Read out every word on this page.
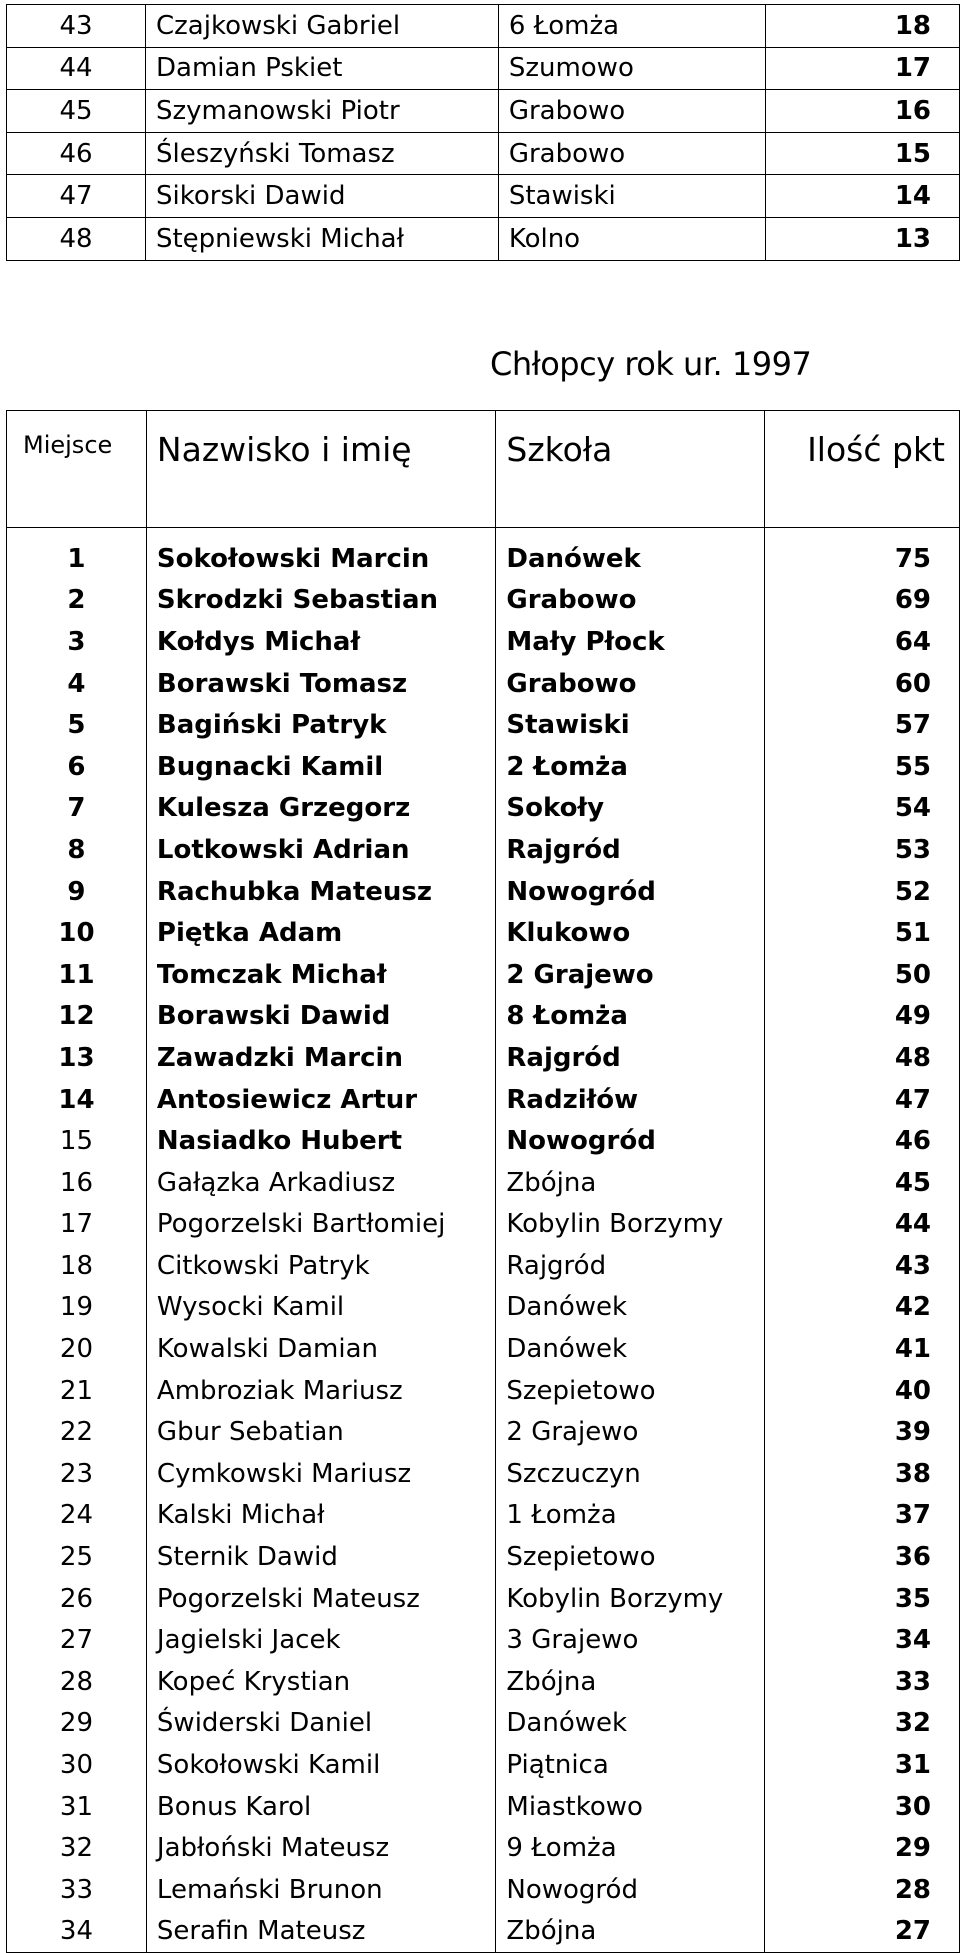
43	Czajkowski Gabriel	6 Łomża	18
44	Damian Pskiet	Szumowo	17
45	Szymanowski Piotr	Grabowo	16
46	Śleszyński Tomasz	Grabowo	15
47	Sikorski Dawid	Stawiski	14
48	Stępniewski Michał	Kolno	13
Chłopcy rok ur. 1997
Miejsce	Nazwisko i imię	Szkoła	Ilość pkt
1	Sokołowski Marcin	Danówek	75
2	Skrodzki Sebastian	Grabowo	69
3	Kołdys Michał	Mały Płock	64
4	Borawski Tomasz	Grabowo	60
5	Bagiński Patryk	Stawiski	57
6	Bugnacki Kamil	2 Łomża	55
7	Kulesza Grzegorz	Sokoły	54
8	Lotkowski Adrian	Rajgród	53
9	Rachubka Mateusz	Nowogród	52
10	Piętka Adam	Klukowo	51
11	Tomczak Michał	2 Grajewo	50
12	Borawski Dawid	8 Łomża	49
13	Zawadzki Marcin	Rajgród	48
14	Antosiewicz Artur	Radziłów	47
15	Nasiadko Hubert	Nowogród	46
16	Gałązka Arkadiusz	Zbójna	45
17	Pogorzelski Bartłomiej	Kobylin Borzymy	44
18	Citkowski Patryk	Rajgród	43
19	Wysocki Kamil	Danówek	42
20	Kowalski Damian	Danówek	41
21	Ambroziak Mariusz	Szepietowo	40
22	Gbur Sebatian	2 Grajewo	39
23	Cymkowski Mariusz	Szczuczyn	38
24	Kalski Michał	1 Łomża	37
25	Sternik Dawid	Szepietowo	36
26	Pogorzelski Mateusz	Kobylin Borzymy	35
27	Jagielski Jacek	3 Grajewo	34
28	Kopeć Krystian	Zbójna	33
29	Świderski Daniel	Danówek	32
30	Sokołowski Kamil	Piątnica	31
31	Bonus Karol	Miastkowo	30
32	Jabłoński Mateusz	9 Łomża	29
33	Lemański Brunon	Nowogród	28
34	Serafin Mateusz	Zbójna	27
